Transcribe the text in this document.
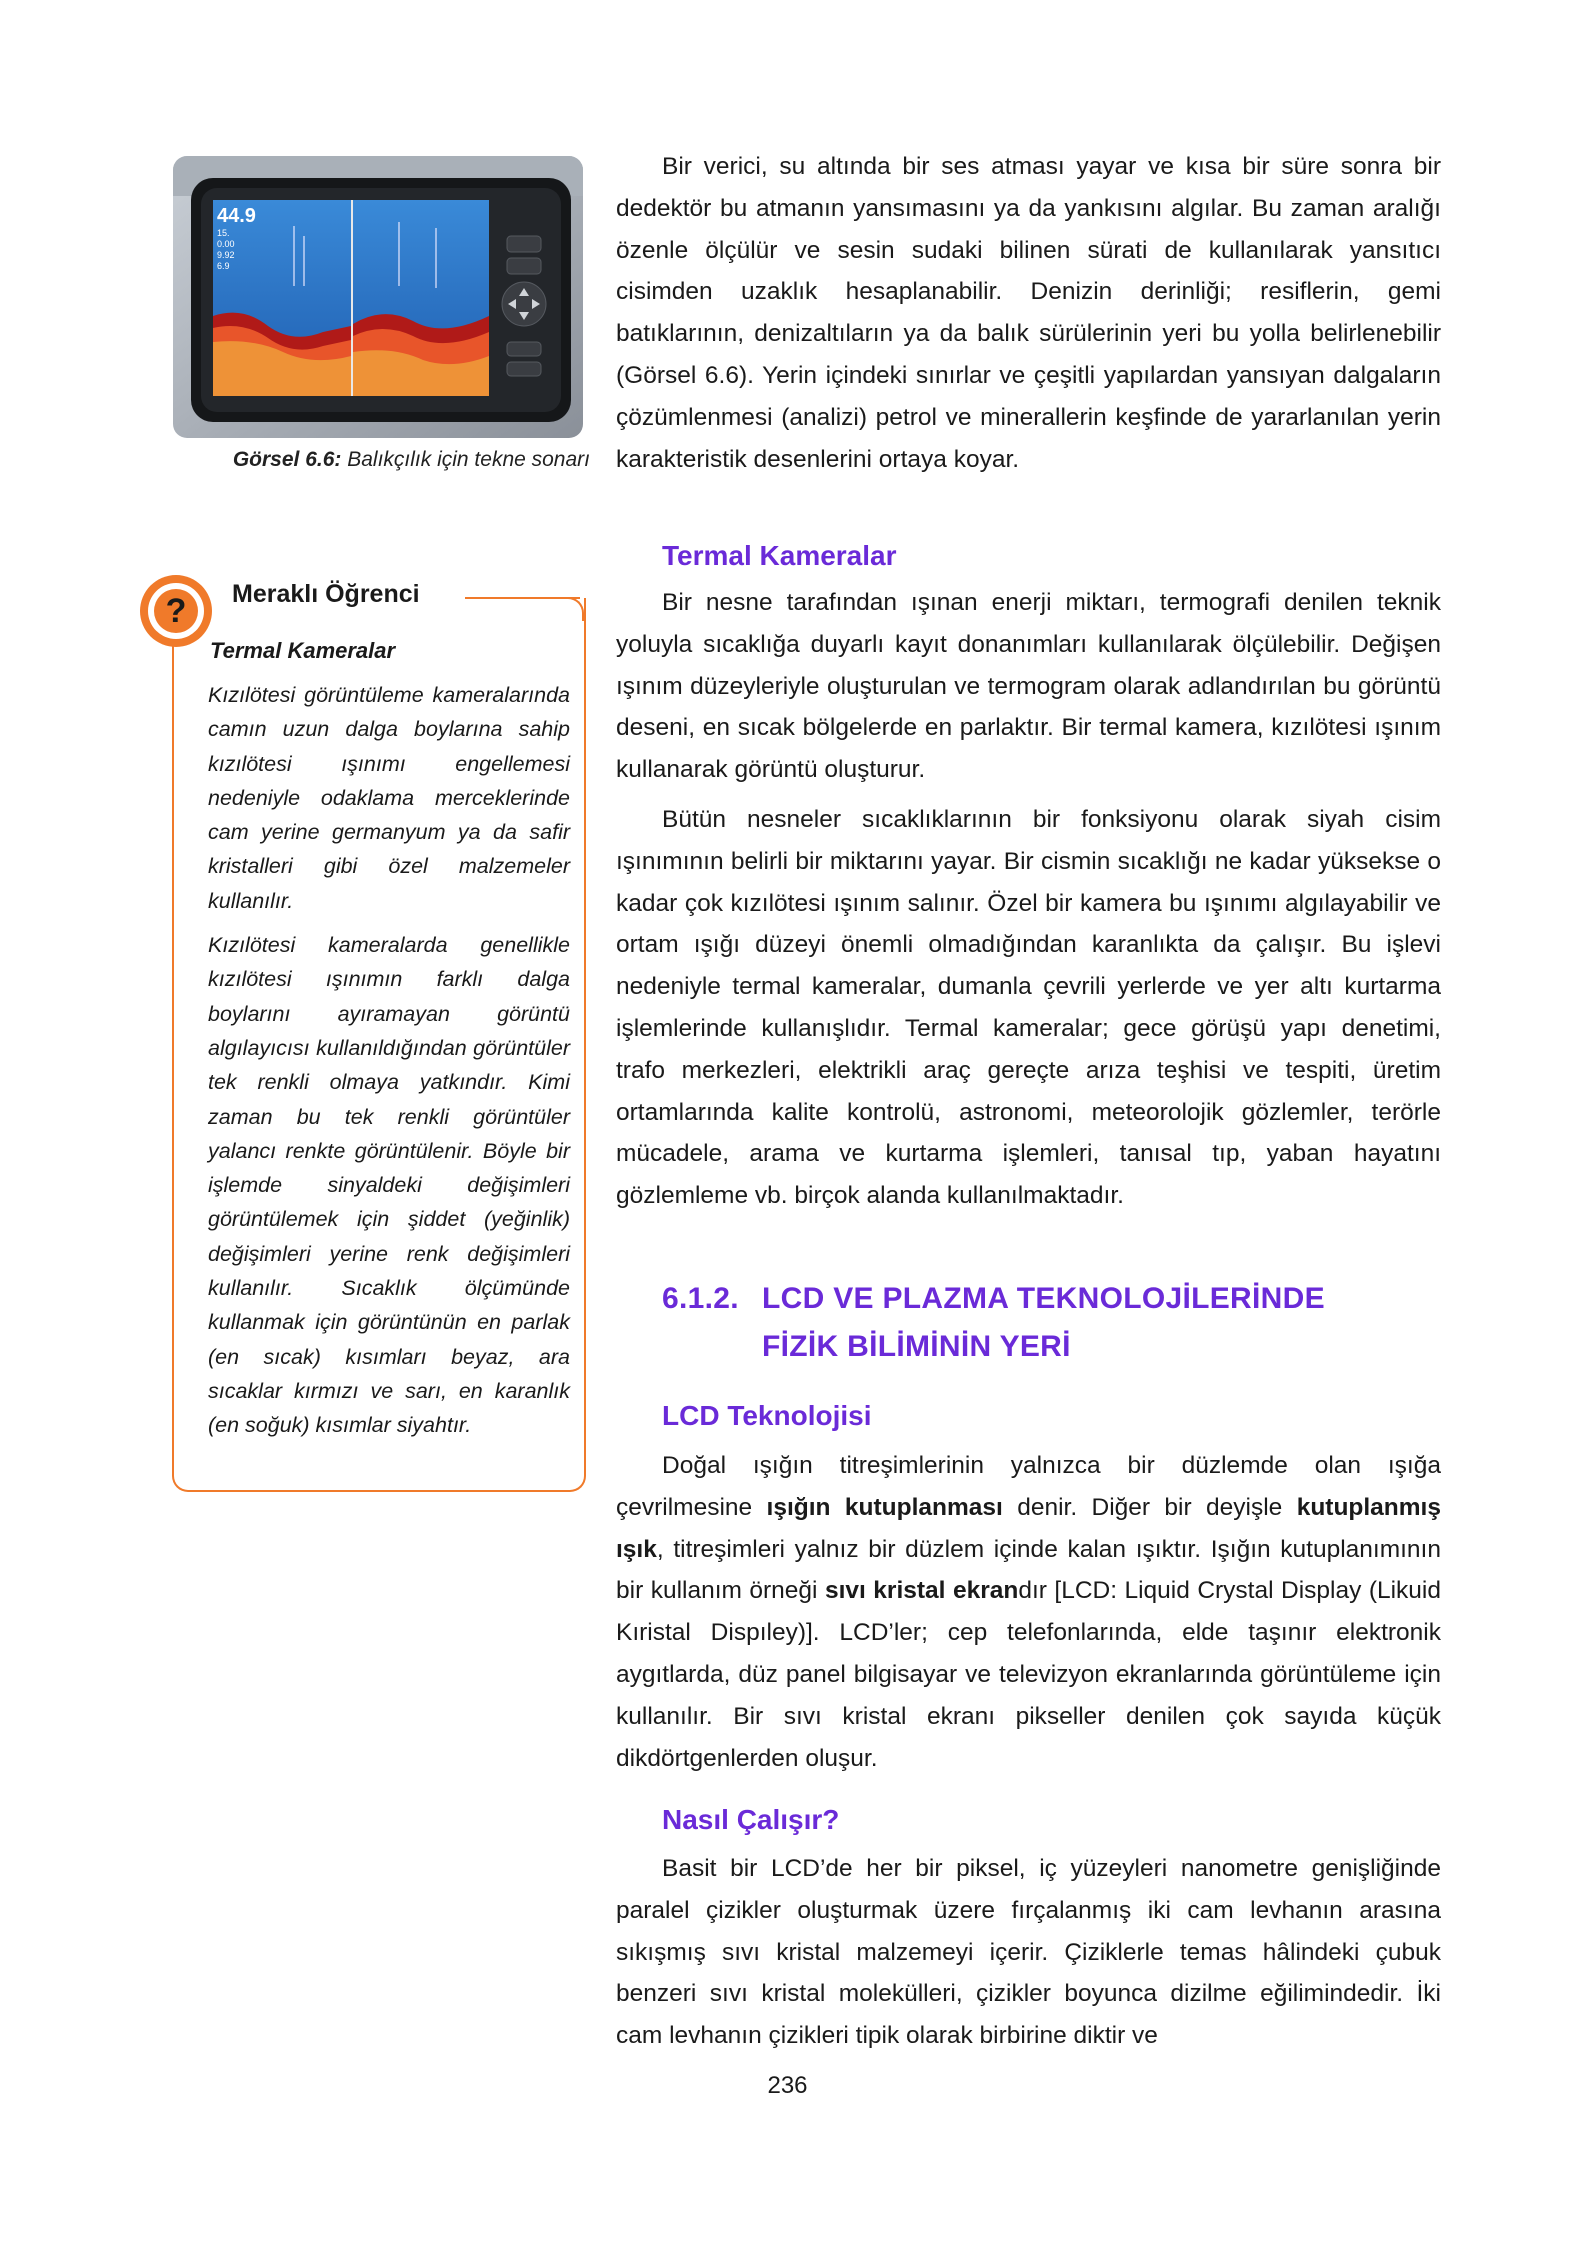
44.9
15.
0.00
9.92
6.9
Görsel 6.6: Balıkçılık için tekne sonarı
?	Meraklı Öğrenci
Termal Kameralar

Kızılötesi görüntüleme kameralarında camın uzun dalga boylarına sahip kızılötesi ışınımı engellemesi nedeniyle odaklama merceklerinde cam yerine germanyum ya da safir kristalleri gibi özel malzemeler kullanılır.

Kızılötesi kameralarda genellikle kızılötesi ışınımın farklı dalga boylarını ayıramayan görüntü algılayıcısı kullanıldığından görüntüler tek renkli olmaya yatkındır. Kimi zaman bu tek renkli görüntüler yalancı renkte görüntülenir. Böyle bir işlemde sinyaldeki değişimleri görüntülemek için şiddet (yeğinlik) değişimleri yerine renk değişimleri kullanılır. Sıcaklık ölçümünde kullanmak için görüntünün en parlak (en sıcak) kısımları beyaz, ara sıcaklar kırmızı ve sarı, en karanlık (en soğuk) kısımlar siyahtır.

Bir verici, su altında bir ses atması yayar ve kısa bir süre sonra bir dedektör bu atmanın yansımasını ya da yankısını algılar. Bu zaman aralığı özenle ölçülür ve sesin sudaki bilinen sürati de kullanılarak yansıtıcı cisimden uzaklık hesaplanabilir. Denizin derinliği; resiflerin, gemi batıklarının, denizaltıların ya da balık sürülerinin yeri bu yolla belirlenebilir (Görsel 6.6). Yerin içindeki sınırlar ve çeşitli yapılardan yansıyan dalgaların çözümlenmesi (analizi) petrol ve minerallerin keşfinde de yararlanılan yerin karakteristik desenlerini ortaya koyar.

Termal Kameralar

Bir nesne tarafından ışınan enerji miktarı, termografi denilen teknik yoluyla sıcaklığa duyarlı kayıt donanımları kullanılarak ölçülebilir. Değişen ışınım düzeyleriyle oluşturulan ve termogram olarak adlandırılan bu görüntü deseni, en sıcak bölgelerde en parlaktır. Bir termal kamera, kızılötesi ışınım kullanarak görüntü oluşturur.

Bütün nesneler sıcaklıklarının bir fonksiyonu olarak siyah cisim ışınımının belirli bir miktarını yayar. Bir cismin sıcaklığı ne kadar yüksekse o kadar çok kızılötesi ışınım salınır. Özel bir kamera bu ışınımı algılayabilir ve ortam ışığı düzeyi önemli olmadığından karanlıkta da çalışır. Bu işlevi nedeniyle termal kameralar, dumanla çevrili yerlerde ve yer altı kurtarma işlemlerinde kullanışlıdır. Termal kameralar; gece görüşü yapı denetimi, trafo merkezleri, elektrikli araç gereçte arıza teşhisi ve tespiti, üretim ortamlarında kalite kontrolü, astronomi, meteorolojik gözlemler, terörle mücadele, arama ve kurtarma işlemleri, tanısal tıp, yaban hayatını gözlemleme vb. birçok alanda kullanılmaktadır.

6.1.2. LCD VE PLAZMA TEKNOLOJİLERİNDE
FİZİK BİLİMİNİN YERİ
LCD Teknolojisi

Doğal ışığın titreşimlerinin yalnızca bir düzlemde olan ışığa çevrilmesine ışığın kutuplanması denir. Diğer bir deyişle kutuplanmış ışık, titreşimleri yalnız bir düzlem içinde kalan ışıktır. Işığın kutuplanımının bir kullanım örneği sıvı kristal ekrandır [LCD: Liquid Crystal Display (Likuid Kıristal Dispıley)]. LCD’ler; cep telefonlarında, elde taşınır elektronik aygıtlarda, düz panel bilgisayar ve televizyon ekranlarında görüntüleme için kullanılır. Bir sıvı kristal ekranı pikseller denilen çok sayıda küçük dikdörtgenlerden oluşur.

Nasıl Çalışır?

Basit bir LCD’de her bir piksel, iç yüzeyleri nanometre genişliğinde paralel çizikler oluşturmak üzere fırçalanmış iki cam levhanın arasına sıkışmış sıvı kristal malzemeyi içerir. Çiziklerle temas hâlindeki çubuk benzeri sıvı kristal molekülleri, çizikler boyunca dizilme eğilimindedir. İki cam levhanın çizikleri tipik olarak birbirine diktir ve

236
